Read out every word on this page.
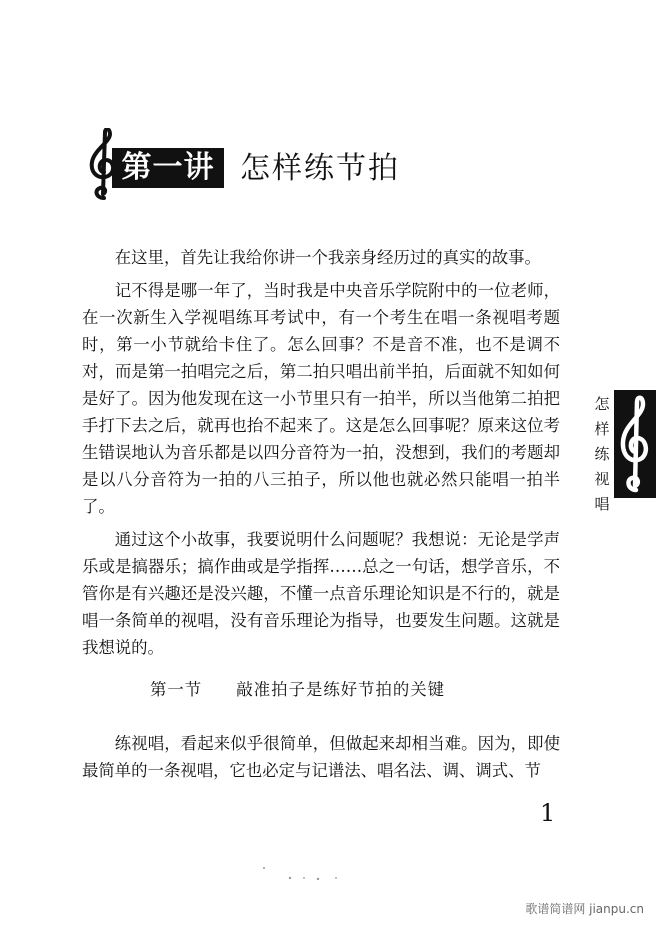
第一讲 怎样练节拍

在这里，首先让我给你讲一个我亲身经历过的真实的故事。

记不得是哪一年了，当时我是中央音乐学院附中的一位老师，在一次新生入学视唱练耳考试中，有一个考生在唱一条视唱考题时，第一小节就给卡住了。怎么回事？不是音不准，也不是调不对，而是第一拍唱完之后，第二拍只唱出前半拍，后面就不知如何是好了。因为他发现在这一小节里只有一拍半，所以当他第二拍把手打下去之后，就再也抬不起来了。这是怎么回事呢？原来这位考生错误地认为音乐都是以四分音符为一拍，没想到，我们的考题却是以八分音符为一拍的八三拍子，所以他也就必然只能唱一拍半了。

通过这个小故事，我要说明什么问题呢？我想说：无论是学声乐或是搞器乐；搞作曲或是学指挥……总之一句话，想学音乐，不管你是有兴趣还是没兴趣，不懂一点音乐理论知识是不行的，就是唱一条简单的视唱，没有音乐理论为指导，也要发生问题。这就是我想说的。

第一节 敲准拍子是练好节拍的关键

练视唱，看起来似乎很简单，但做起来却相当难。因为，即使最简单的一条视唱，它也必定与记谱法、唱名法、调、调式、节

怎
样
练
视
唱
1
歌谱简谱网 jianpu.cn
